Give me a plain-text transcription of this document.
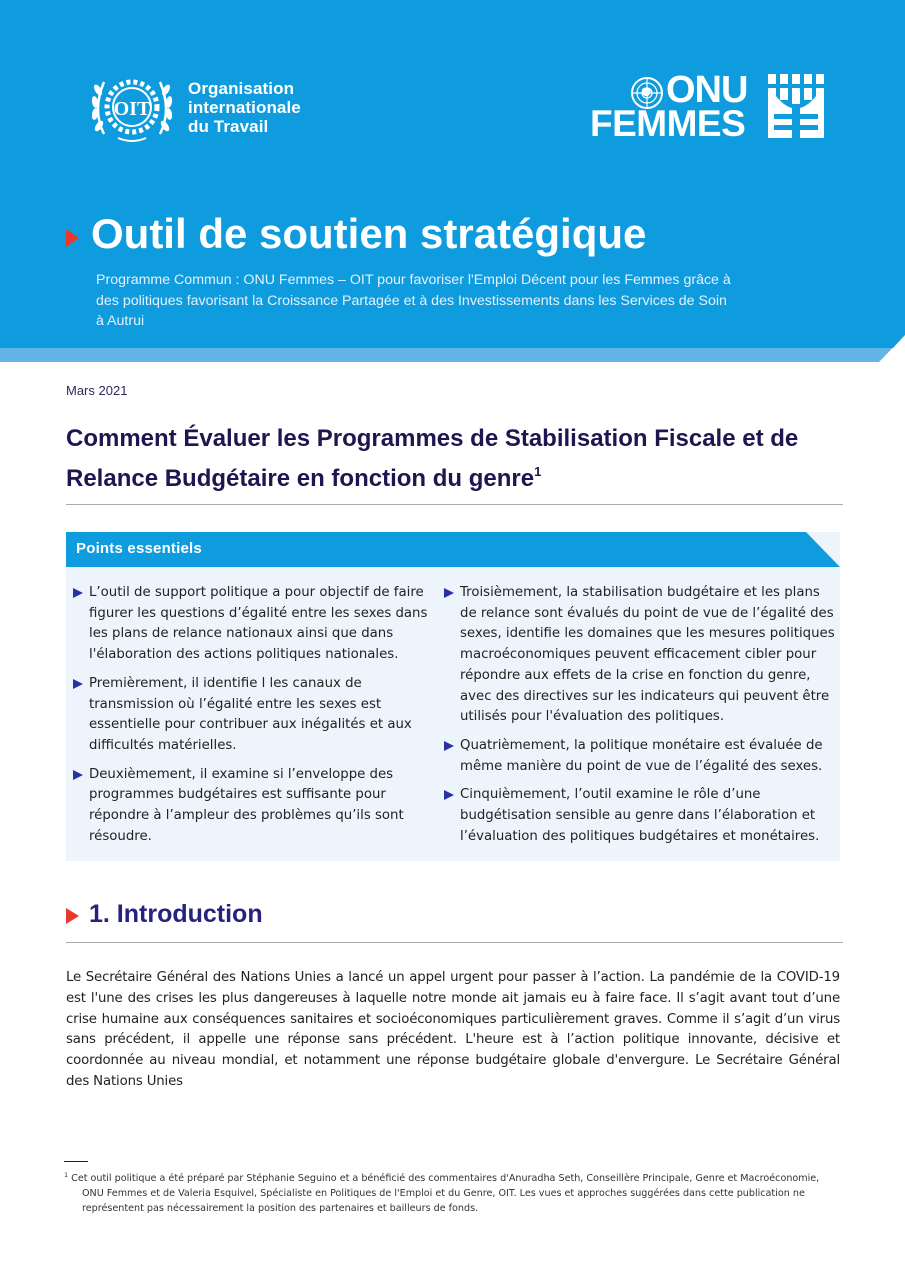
OIT
Organisation
internationale
du Travail
ONU
FEMMES
Outil de soutien stratégique
Programme Commun : ONU Femmes – OIT pour favoriser l'Emploi Décent pour les Femmes grâce à des politiques favorisant la Croissance Partagée et à des Investissements dans les Services de Soin à Autrui
Mars 2021
Comment Évaluer les Programmes de Stabilisation Fiscale et de Relance Budgétaire en fonction du genre$^1$
Points essentiels
L’outil de support politique a pour objectif de faire figurer les questions d’égalité entre les sexes dans les plans de relance nationaux ainsi que dans l'élaboration des actions politiques nationales.
Premièrement, il identifie l les canaux de transmission où l’égalité entre les sexes est essentielle pour contribuer aux inégalités et aux difficultés matérielles.
Deuxièmement, il examine si l’enveloppe des programmes budgétaires est suffisante pour répondre à l’ampleur des problèmes qu’ils sont résoudre.
Troisièmement, la stabilisation budgétaire et les plans de relance sont évalués du point de vue de l’égalité des sexes, identifie les domaines que les mesures politiques macroéconomiques peuvent efficacement cibler pour répondre aux effets de la crise en fonction du genre, avec des directives sur les indicateurs qui peuvent être utilisés pour l'évaluation des politiques.
Quatrièmement, la politique monétaire est évaluée de même manière du point de vue de l’égalité des sexes.
Cinquièmement, l’outil examine le rôle d’une budgétisation sensible au genre dans l’élaboration et l’évaluation des politiques budgétaires et monétaires.
1. Introduction
Le Secrétaire Général des Nations Unies a lancé un appel urgent pour passer à l’action. La pandémie de la COVID-19 est l'une des crises les plus dangereuses à laquelle notre monde ait jamais eu à faire face. Il s’agit avant tout d’une crise humaine aux conséquences sanitaires et socioéconomiques particulièrement graves. Comme il s’agit d’un virus sans précédent, il appelle une réponse sans précédent. L'heure est à l’action politique innovante, décisive et coordonnée au niveau mondial, et notamment une réponse budgétaire globale d'envergure. Le Secrétaire Général des Nations Unies
$^1$ Cet outil politique a été préparé par Stéphanie Seguino et a bénéficié des commentaires d'Anuradha Seth, Conseillère Principale, Genre et Macroéconomie, ONU Femmes et de Valeria Esquivel, Spécialiste en Politiques de l'Emploi et du Genre, OIT. Les vues et approches suggérées dans cette publication ne représentent pas nécessairement la position des partenaires et bailleurs de fonds.
